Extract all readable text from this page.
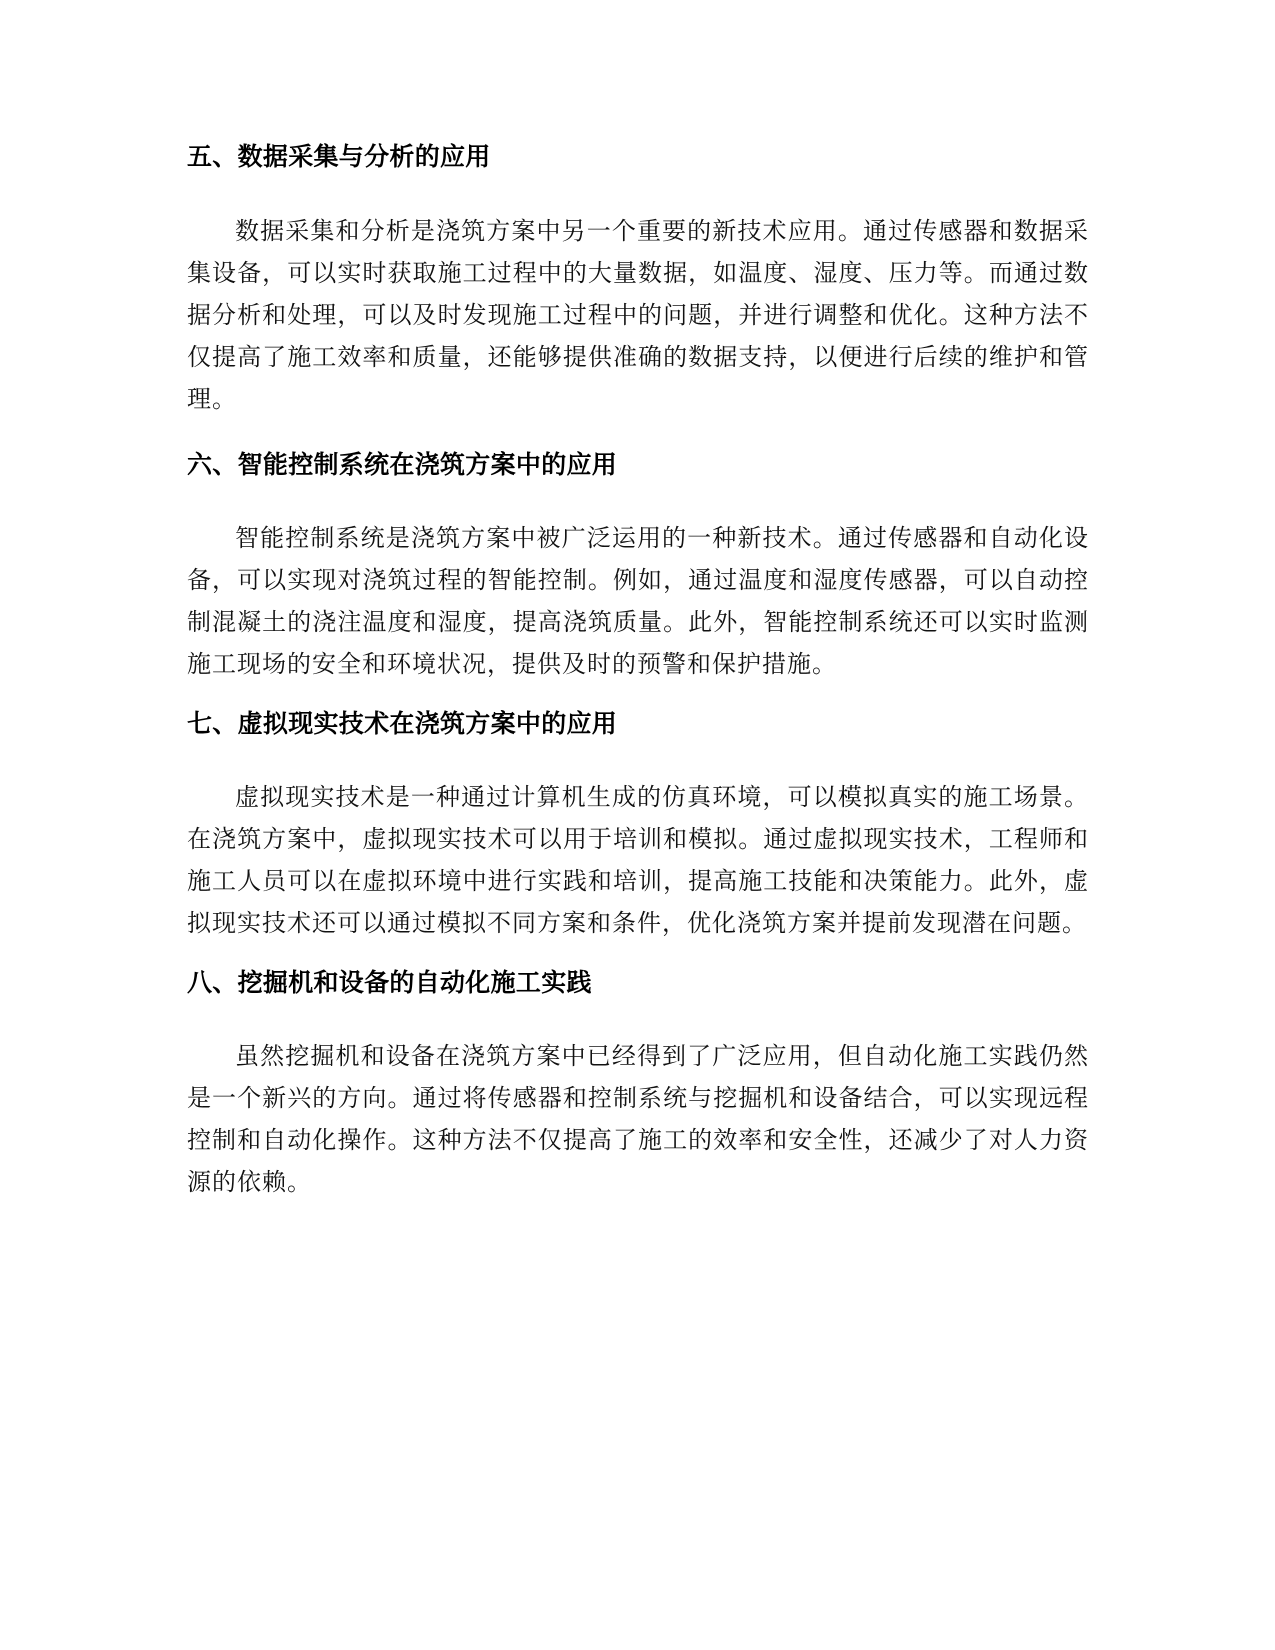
五、数据采集与分析的应用

数据采集和分析是浇筑方案中另一个重要的新技术应用。通过传感器和数据采集设备，可以实时获取施工过程中的大量数据，如温度、湿度、压力等。而通过数据分析和处理，可以及时发现施工过程中的问题，并进行调整和优化。这种方法不仅提高了施工效率和质量，还能够提供准确的数据支持，以便进行后续的维护和管理。

六、智能控制系统在浇筑方案中的应用

智能控制系统是浇筑方案中被广泛运用的一种新技术。通过传感器和自动化设备，可以实现对浇筑过程的智能控制。例如，通过温度和湿度传感器，可以自动控制混凝土的浇注温度和湿度，提高浇筑质量。此外，智能控制系统还可以实时监测施工现场的安全和环境状况，提供及时的预警和保护措施。

七、虚拟现实技术在浇筑方案中的应用

虚拟现实技术是一种通过计算机生成的仿真环境，可以模拟真实的施工场景。在浇筑方案中，虚拟现实技术可以用于培训和模拟。通过虚拟现实技术，工程师和施工人员可以在虚拟环境中进行实践和培训，提高施工技能和决策能力。此外，虚拟现实技术还可以通过模拟不同方案和条件，优化浇筑方案并提前发现潜在问题。

八、挖掘机和设备的自动化施工实践

虽然挖掘机和设备在浇筑方案中已经得到了广泛应用，但自动化施工实践仍然是一个新兴的方向。通过将传感器和控制系统与挖掘机和设备结合，可以实现远程控制和自动化操作。这种方法不仅提高了施工的效率和安全性，还减少了对人力资源的依赖。
